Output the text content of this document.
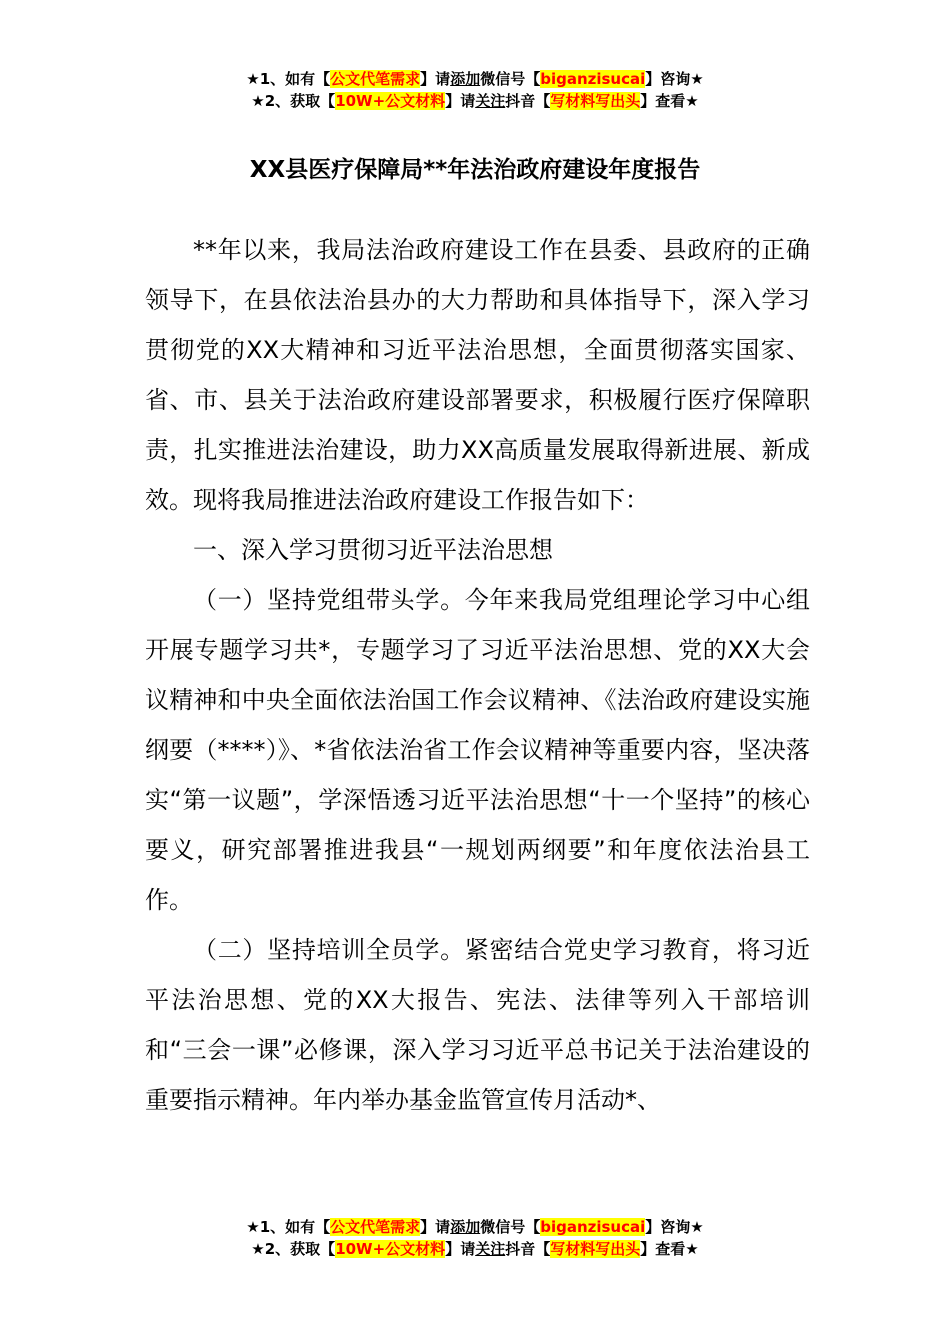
★1、如有【公文代笔需求】请添加微信号【biganzisucai】咨询★
★2、获取【10W+公文材料】请关注抖音【写材料写出头】查看★
XX县医疗保障局**年法治政府建设年度报告

**年以来，我局法治政府建设工作在县委、县政府的正确领导下，在县依法治县办的大力帮助和具体指导下，深入学习贯彻党的XX大精神和习近平法治思想，全面贯彻落实国家、省、市、县关于法治政府建设部署要求，积极履行医疗保障职责，扎实推进法治建设，助力XX高质量发展取得新进展、新成效。现将我局推进法治政府建设工作报告如下：

一、深入学习贯彻习近平法治思想

（一）坚持党组带头学。今年来我局党组理论学习中心组开展专题学习共*，专题学习了习近平法治思想、党的XX大会议精神和中央全面依法治国工作会议精神、《法治政府建设实施纲要（****）》、*省依法治省工作会议精神等重要内容，坚决落实“第一议题”，学深悟透习近平法治思想“十一个坚持”的核心要义，研究部署推进我县“一规划两纲要”和年度依法治县工作。

（二）坚持培训全员学。紧密结合党史学习教育，将习近平法治思想、党的XX大报告、宪法、法律等列入干部培训和“三会一课”必修课，深入学习习近平总书记关于法治建设的重要指示精神。年内举办基金监管宣传月活动*、

★1、如有【公文代笔需求】请添加微信号【biganzisucai】咨询★
★2、获取【10W+公文材料】请关注抖音【写材料写出头】查看★
